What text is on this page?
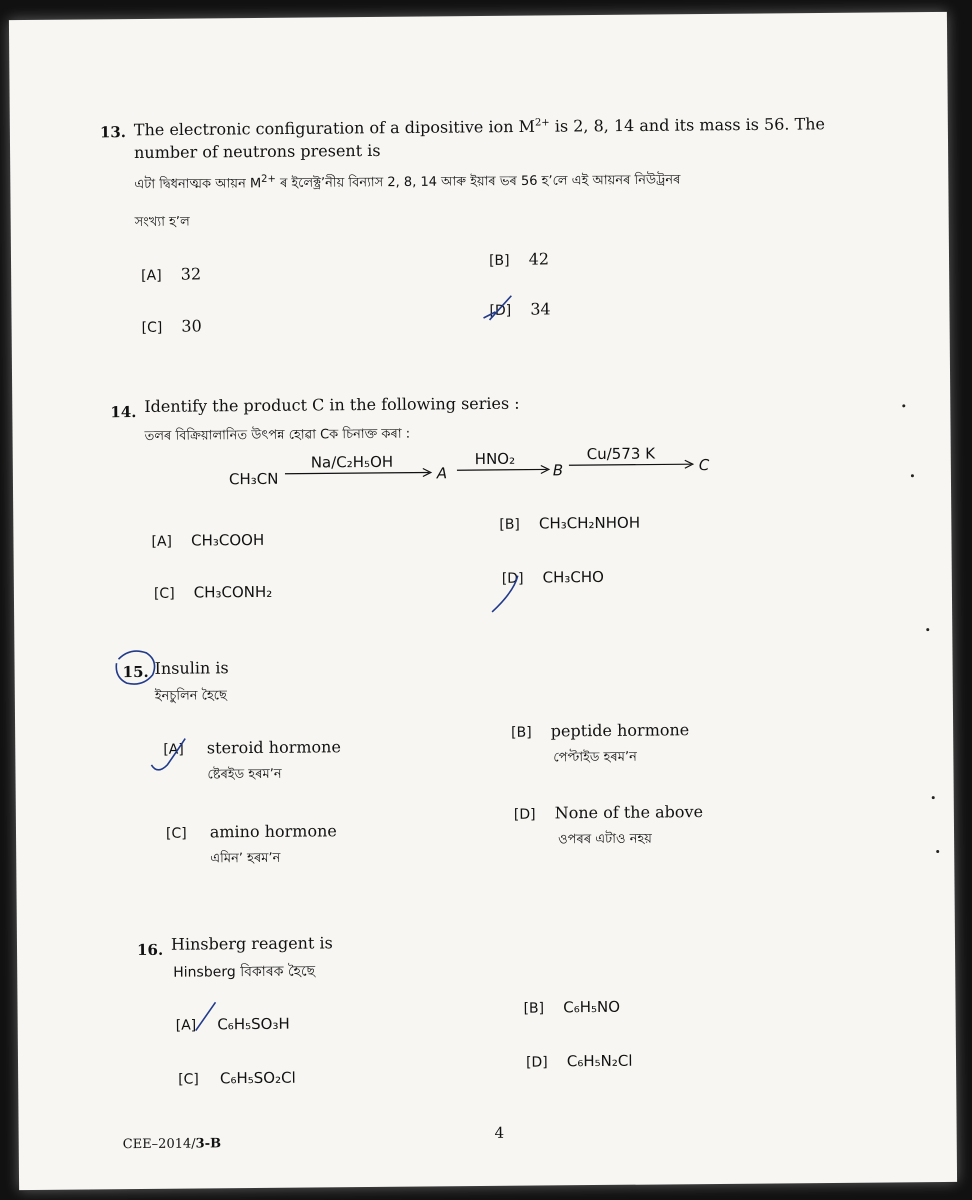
13. The electronic configuration of a dipositive ion $M^{2+}$ is 2, 8, 14 and its mass is 56. The
number of neutrons present is
এটা দ্বিধনাত্মক আয়ন $M^{2+}$ ৰ ইলেক্ট্ৰ’নীয় বিন্যাস 2, 8, 14 আৰু ইয়াৰ ভৰ 56 হ’লে এই আয়নৰ নিউট্ৰনৰ
সংখ্যা হ’ল
[A] 32
[B] 42
[C] 30
[D] 34
14. Identify the product C in the following series :
তলৰ বিক্ৰিয়ালানিত উৎপন্ন হোৱা Cক চিনাক্ত কৰা :
CH₃CN
Na/C₂H₅OH
A
HNO₂
B
Cu/573 K
C
[A] CH₃COOH
[B] CH₃CH₂NHOH
[C] CH₃CONH₂
[D] CH₃CHO
15. Insulin is
ইনচুলিন হৈছে
[A] steroid hormone
ষ্টেৰইড হৰম’ন
[B] peptide hormone
পেপ্টাইড হৰম’ন
[C] amino hormone
এমিন’ হৰম’ন
[D] None of the above
ওপৰৰ এটাও নহয়
16. Hinsberg reagent is
Hinsberg বিকাৰক হৈছে
[A] C₆H₅SO₃H
[B] C₆H₅NO
[C] C₆H₅SO₂Cl
[D] C₆H₅N₂Cl
CEE–2014/3-B
4
